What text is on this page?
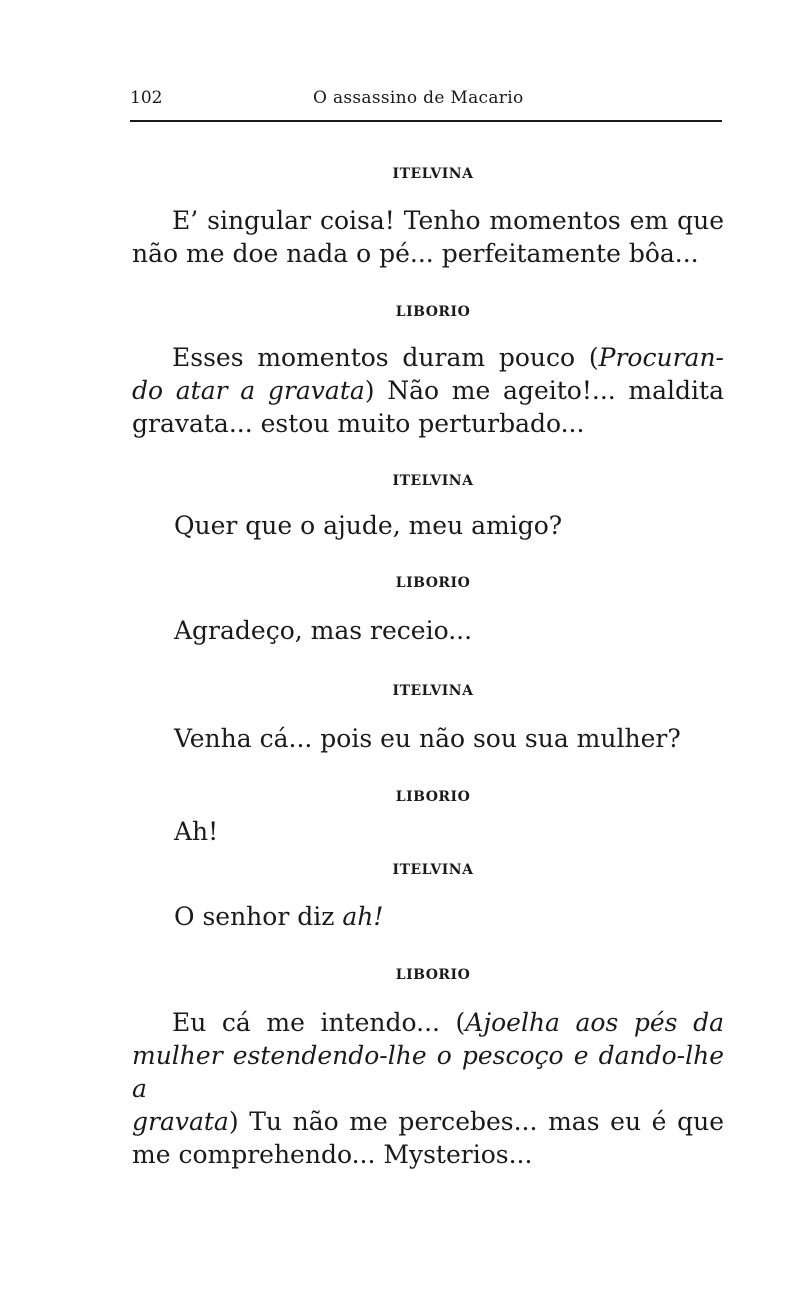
102	O assassino de Macario
ITELVINA
E’ singular coisa! Tenho momentos em que
não me doe nada o pé... perfeitamente bôa...
LIBORIO
Esses momentos duram pouco (Procuran-
do atar a gravata) Não me ageito!... maldita
gravata... estou muito perturbado...
ITELVINA
Quer que o ajude, meu amigo?
LIBORIO
Agradeço, mas receio...
ITELVINA
Venha cá... pois eu não sou sua mulher?
LIBORIO
Ah!
ITELVINA
O senhor diz ah!
LIBORIO
Eu cá me intendo... (Ajoelha aos pés da
mulher estendendo-lhe o pescoço e dando-lhe a
gravata) Tu não me percebes... mas eu é que
me comprehendo... Mysterios...
